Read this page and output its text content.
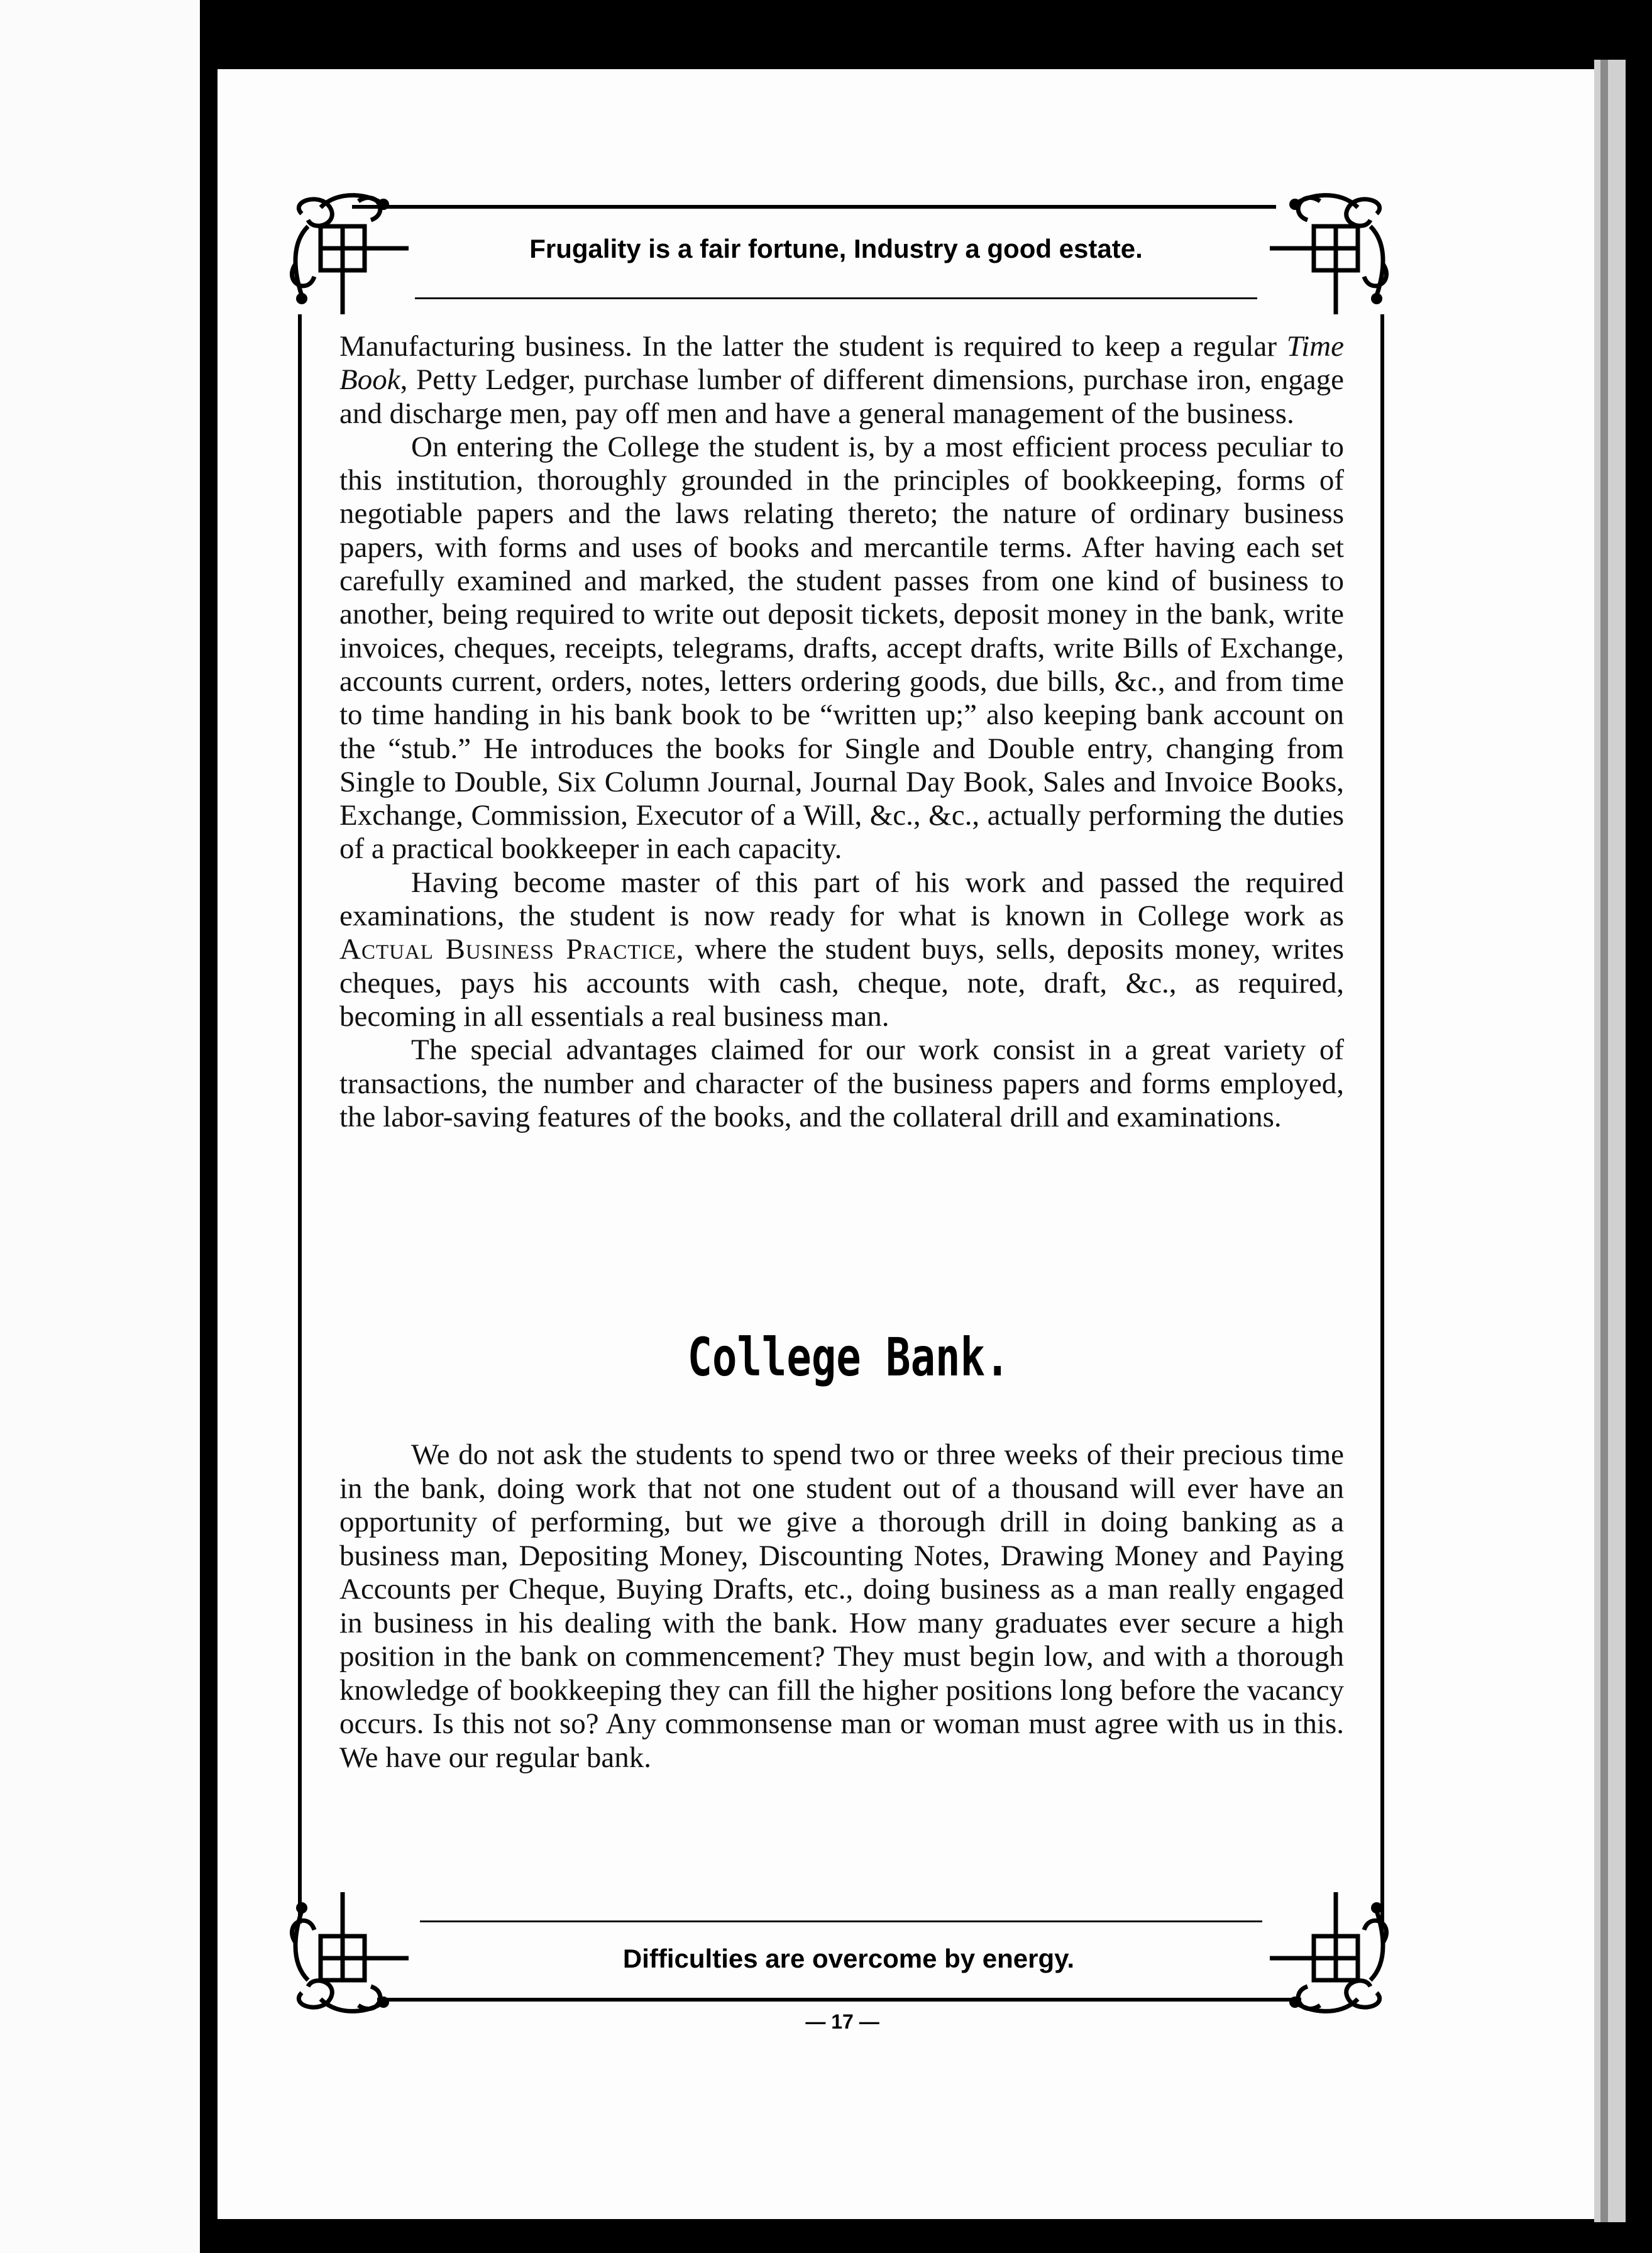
Frugality is a fair fortune, Industry a good estate.

Manufacturing business. In the latter the student is required to keep a regular Time Book, Petty Ledger, purchase lumber of different dimensions, purchase iron, engage and discharge men, pay off men and have a general management of the business.

On entering the College the student is, by a most efficient process peculiar to this institution, thoroughly grounded in the principles of bookkeeping, forms of negotiable papers and the laws relating thereto; the nature of ordinary business papers, with forms and uses of books and mercantile terms. After having each set carefully examined and marked, the student passes from one kind of business to another, being required to write out deposit tickets, deposit money in the bank, write invoices, cheques, receipts, telegrams, drafts, accept drafts, write Bills of Exchange, accounts current, orders, notes, letters ordering goods, due bills, &c., and from time to time handing in his bank book to be “written up;” also keeping bank account on the “stub.” He introduces the books for Single and Double entry, changing from Single to Double, Six Column Journal, Journal Day Book, Sales and Invoice Books, Exchange, Commission, Executor of a Will, &c., &c., actually performing the duties of a practical bookkeeper in each capacity.

Having become master of this part of his work and passed the required examinations, the student is now ready for what is known in College work as Actual Business Practice, where the student buys, sells, deposits money, writes cheques, pays his accounts with cash, cheque, note, draft, &c., as required, becoming in all essentials a real business man.

The special advantages claimed for our work consist in a great variety of transactions, the number and character of the business papers and forms employed, the labor-saving features of the books, and the collateral drill and examinations.

College Bank.

We do not ask the students to spend two or three weeks of their precious time in the bank, doing work that not one student out of a thousand will ever have an opportunity of performing, but we give a thorough drill in doing banking as a business man, Depositing Money, Discounting Notes, Drawing Money and Paying Accounts per Cheque, Buying Drafts, etc., doing business as a man really engaged in business in his dealing with the bank. How many graduates ever secure a high position in the bank on commencement? They must begin low, and with a thorough knowledge of bookkeeping they can fill the higher positions long before the vacancy occurs. Is this not so? Any commonsense man or woman must agree with us in this. We have our regular bank.

Difficulties are overcome by energy.
— 17 —
